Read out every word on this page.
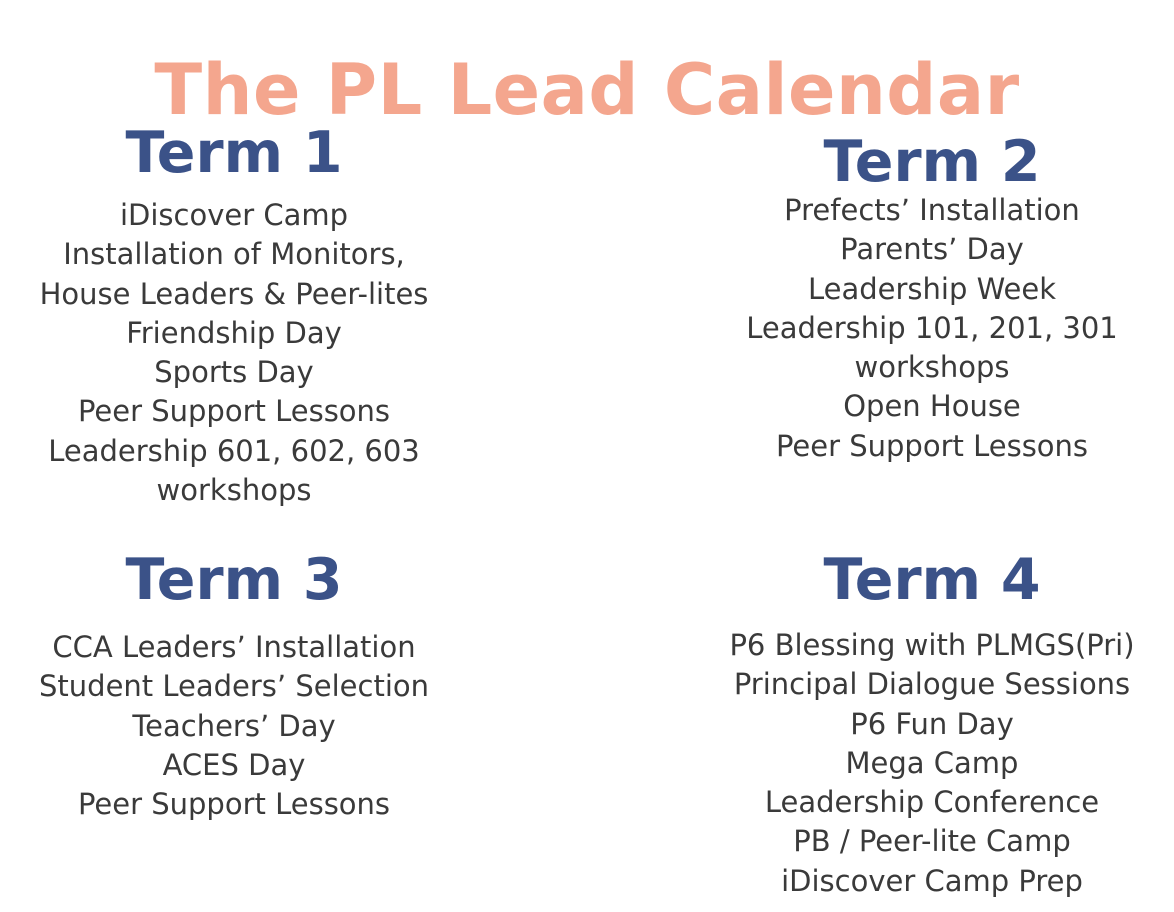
The PL Lead Calendar
Term 1
iDiscover Camp
Installation of Monitors,
House Leaders & Peer-lites
Friendship Day
Sports Day
Peer Support Lessons
Leadership 601, 602, 603
workshops
Term 2
Prefects’ Installation
Parents’ Day
Leadership Week
Leadership 101, 201, 301
workshops
Open House
Peer Support Lessons
Term 3
CCA Leaders’ Installation
Student Leaders’ Selection
Teachers’ Day
ACES Day
Peer Support Lessons
Term 4
P6 Blessing with PLMGS(Pri)
Principal Dialogue Sessions
P6 Fun Day
Mega Camp
Leadership Conference
PB / Peer-lite Camp
iDiscover Camp Prep
